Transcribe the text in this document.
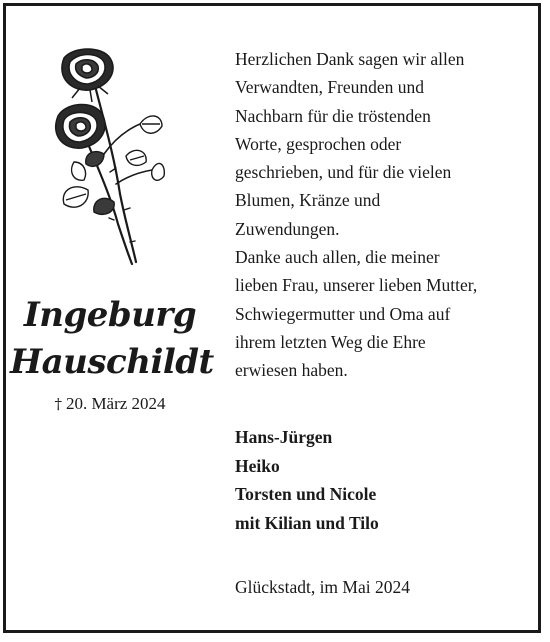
Ingeburg
Hauschildt
† 20. März 2024
Herzlichen Dank sagen wir allen
Verwandten, Freunden und
Nachbarn für die tröstenden
Worte, gesprochen oder
geschrieben, und für die vielen
Blumen, Kränze und
Zuwendungen.
Danke auch allen, die meiner
lieben Frau, unserer lieben Mutter,
Schwiegermutter und Oma auf
ihrem letzten Weg die Ehre
erwiesen haben.
Hans-Jürgen
Heiko
Torsten und Nicole
mit Kilian und Tilo
Glückstadt, im Mai 2024
